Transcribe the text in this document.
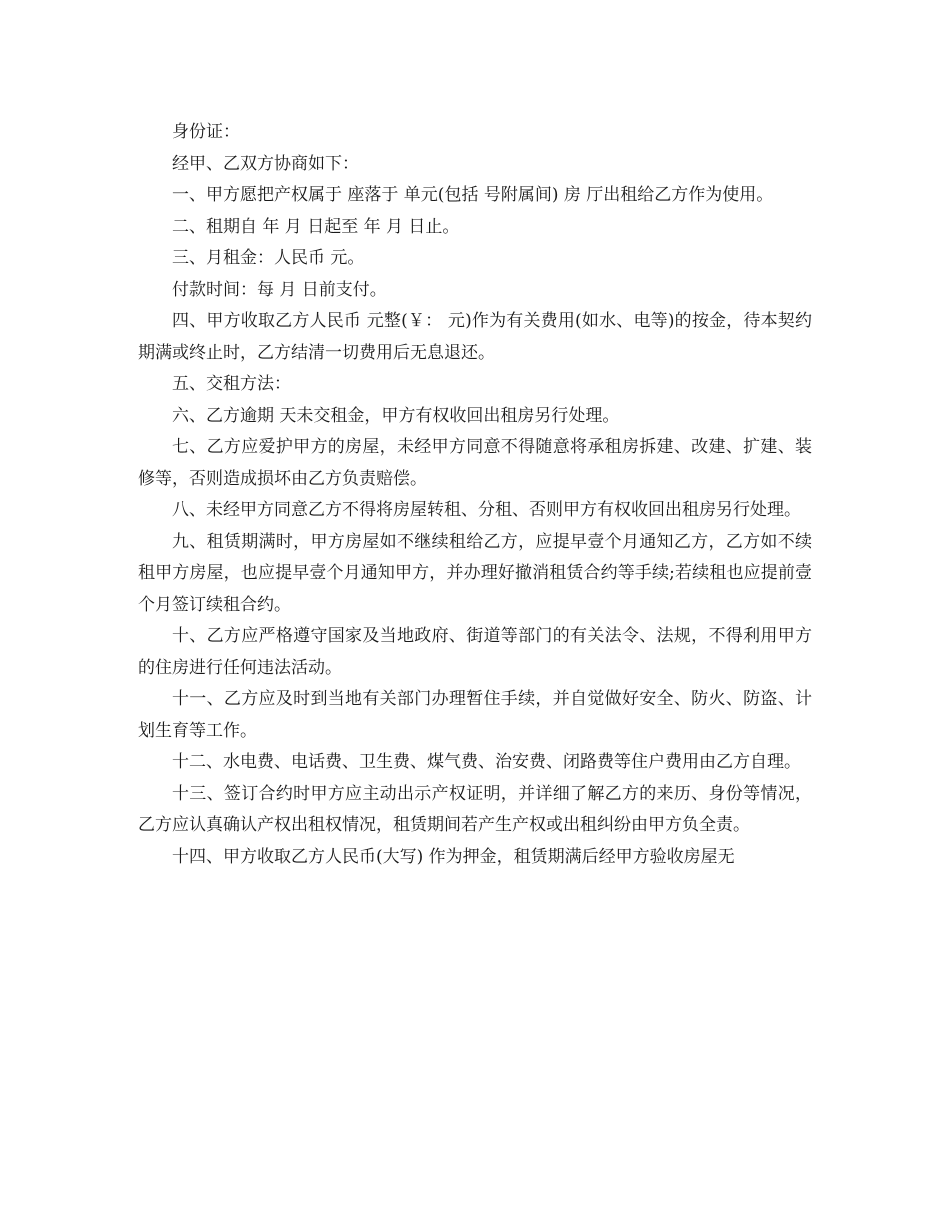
身份证：

经甲、乙双方协商如下：

一、甲方愿把产权属于 座落于 单元(包括 号附属间) 房 厅出租给乙方作为使用。

二、租期自 年 月 日起至 年 月 日止。

三、月租金：人民币 元。

付款时间：每 月 日前支付。

四、甲方收取乙方人民币 元整(￥： 元)作为有关费用(如水、电等)的按金，待本契约期满或终止时，乙方结清一切费用后无息退还。

五、交租方法：

六、乙方逾期 天未交租金，甲方有权收回出租房另行处理。

七、乙方应爱护甲方的房屋，未经甲方同意不得随意将承租房拆建、改建、扩建、装修等，否则造成损坏由乙方负责赔偿。

八、未经甲方同意乙方不得将房屋转租、分租、否则甲方有权收回出租房另行处理。

九、租赁期满时，甲方房屋如不继续租给乙方，应提早壹个月通知乙方，乙方如不续租甲方房屋，也应提早壹个月通知甲方，并办理好撤消租赁合约等手续;若续租也应提前壹个月签订续租合约。

十、乙方应严格遵守国家及当地政府、街道等部门的有关法令、法规，不得利用甲方的住房进行任何违法活动。

十一、乙方应及时到当地有关部门办理暂住手续，并自觉做好安全、防火、防盗、计划生育等工作。

十二、水电费、电话费、卫生费、煤气费、治安费、闭路费等住户费用由乙方自理。

十三、签订合约时甲方应主动出示产权证明，并详细了解乙方的来历、身份等情况，乙方应认真确认产权出租权情况，租赁期间若产生产权或出租纠纷由甲方负全责。

十四、甲方收取乙方人民币(大写) 作为押金，租赁期满后经甲方验收房屋无
